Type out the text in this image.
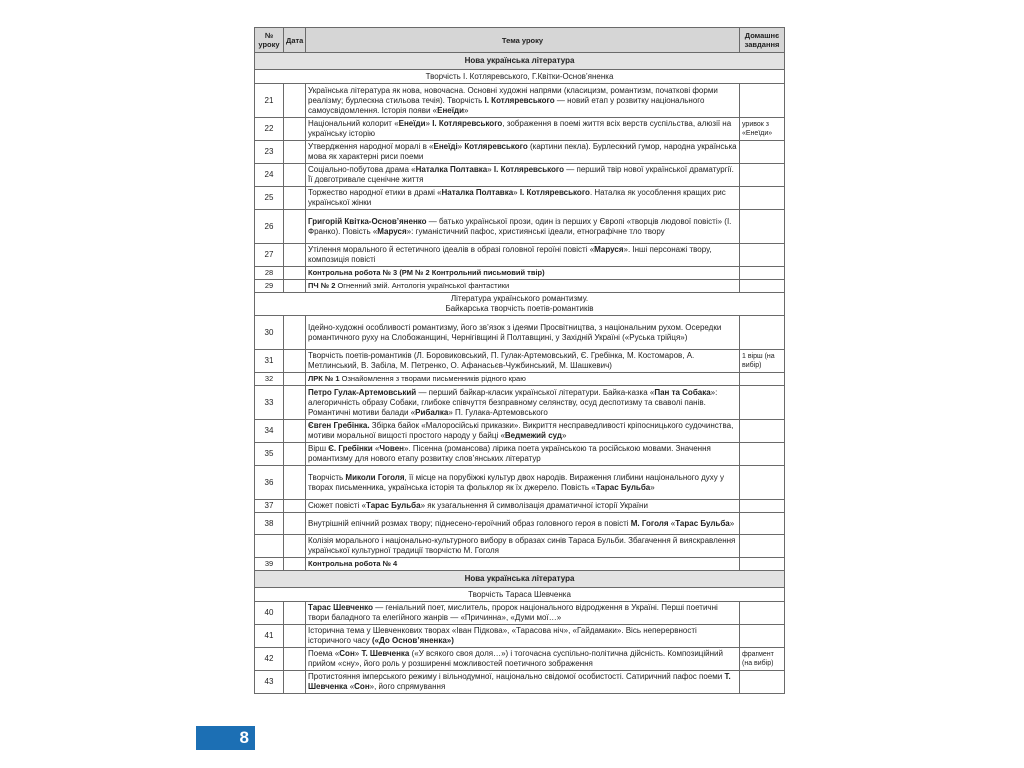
№ уроку	Дата	Тема уроку	Домашнє завдання
Нова українська література			
Творчість І. Котляревського, Г.Квітки-Основ’яненка			
21		Українська література як нова, новочасна. Основні художні напрями (класицизм, романтизм, початкові форми реалізму; бурлескна стильова течія). Творчість І. Котляревського — новий етап у розвитку національного самоусвідомлення. Історія появи «Енеїди»	
22		Національний колорит «Енеїди» І. Котляревського, зображення в поемі життя всіх верств суспільства, алюзії на українську історію	уривок з «Енеїди»
23		Утвердження народної моралі в «Енеїді» Котляревського (картини пекла). Бурлескний гумор, народна українська мова як характерні риси поеми	
24		Соціально-побутова драма «Наталка Полтавка» І. Котляревського — перший твір нової української драматургії. Її довготривале сценічне життя	
25		Торжество народної етики в драмі «Наталка Полтавка» І. Котляревського. Наталка як уособлення кращих рис української жінки	
26		Григорій Квітка-Основ’яненко — батько української прози, один із перших у Європі «творців людової повісті» (І. Франко). Повість «Маруся»: гуманістичний пафос, християнські ідеали, етнографічне тло твору	
27		Утілення морального й естетичного ідеалів в образі головної героїні повісті «Маруся». Інші персонажі твору, композиція повісті	
28		Контрольна робота № 3 (РМ № 2 Контрольний письмовий твір)	
29		ПЧ № 2 Огненний змій. Антологія української фантастики	
Література українського романтизму.
Байкарська творчість поетів-романтиків			
30		Ідейно-художні особливості романтизму, його зв’язок з ідеями Просвітництва, з національним рухом. Осередки романтичного руху на Слобожанщині, Чернігівщині й Полтавщині, у Західній Україні («Руська трійця»)	
31		Творчість поетів-романтиків (Л. Боровиковський, П. Гулак-Артемовський, Є. Гребінка, М. Костомаров, А. Метлинський, В. Забіла, М. Петренко, О. Афанасьєв-Чужбинський, М. Шашкевич)	1 вірш (на вибір)
32		ЛРК № 1 Ознайомлення з творами письменників рідного краю	
33		Петро Гулак-Артемовський — перший байкар-класик української літератури. Байка-казка «Пан та Собака»: алегоричність образу Собаки, глибоке співчуття безправному селянству, осуд деспотизму та сваволі панів. Романтичні мотиви балади «Рибалка» П. Гулака-Артемовського	
34		Євген Гребінка. Збірка байок «Малоросійські приказки». Викриття несправедливості кріпосницького судочинства, мотиви моральної вищості простого народу у байці «Ведмежий суд»	
35		Вірш Є. Гребінки «Човен». Пісенна (романсова) лірика поета українською та російською мовами. Значення романтизму для нового етапу розвитку слов’янських літератур	
36		Творчість Миколи Гоголя, її місце на порубіжжі культур двох народів. Вираження глибини національного духу у творах письменника, українська історія та фольклор як їх джерело. Повість «Тарас Бульба»	
37		Сюжет повісті «Тарас Бульба» як узагальнення й символізація драматичної історії України	
38		Внутрішній епічний розмах твору; піднесено-героїчний образ головного героя в повісті М. Гоголя «Тарас Бульба»	
		Колізія морального і національно-культурного вибору в образах синів Тараса Бульби. Збагачення й вияскравлення української культурної традиції творчістю М. Гоголя	
39		Контрольна робота № 4	
Нова українська література			
Творчість Тараса Шевченка			
40		Тарас Шевченко — геніальний поет, мислитель, пророк національного відродження в Україні. Перші поетичні твори баладного та елегійного жанрів — «Причинна», «Думи мої…»	
41		Історична тема у Шевченкових творах «Іван Підкова», «Тарасова ніч», «Гайдамаки». Вісь неперервності історичного часу («До Основ’яненка»)	
42		Поема «Сон» Т. Шевченка («У всякого своя доля…») і тогочасна суспільно-політична дійсність. Композиційний прийом «сну», його роль у розширенні можливостей поетичного зображення	фрагмент (на вибір)
43		Протистояння імперського режиму і вільнодумної, національно свідомої особистості. Сатиричний пафос поеми Т. Шевченка «Сон», його спрямування	
8
